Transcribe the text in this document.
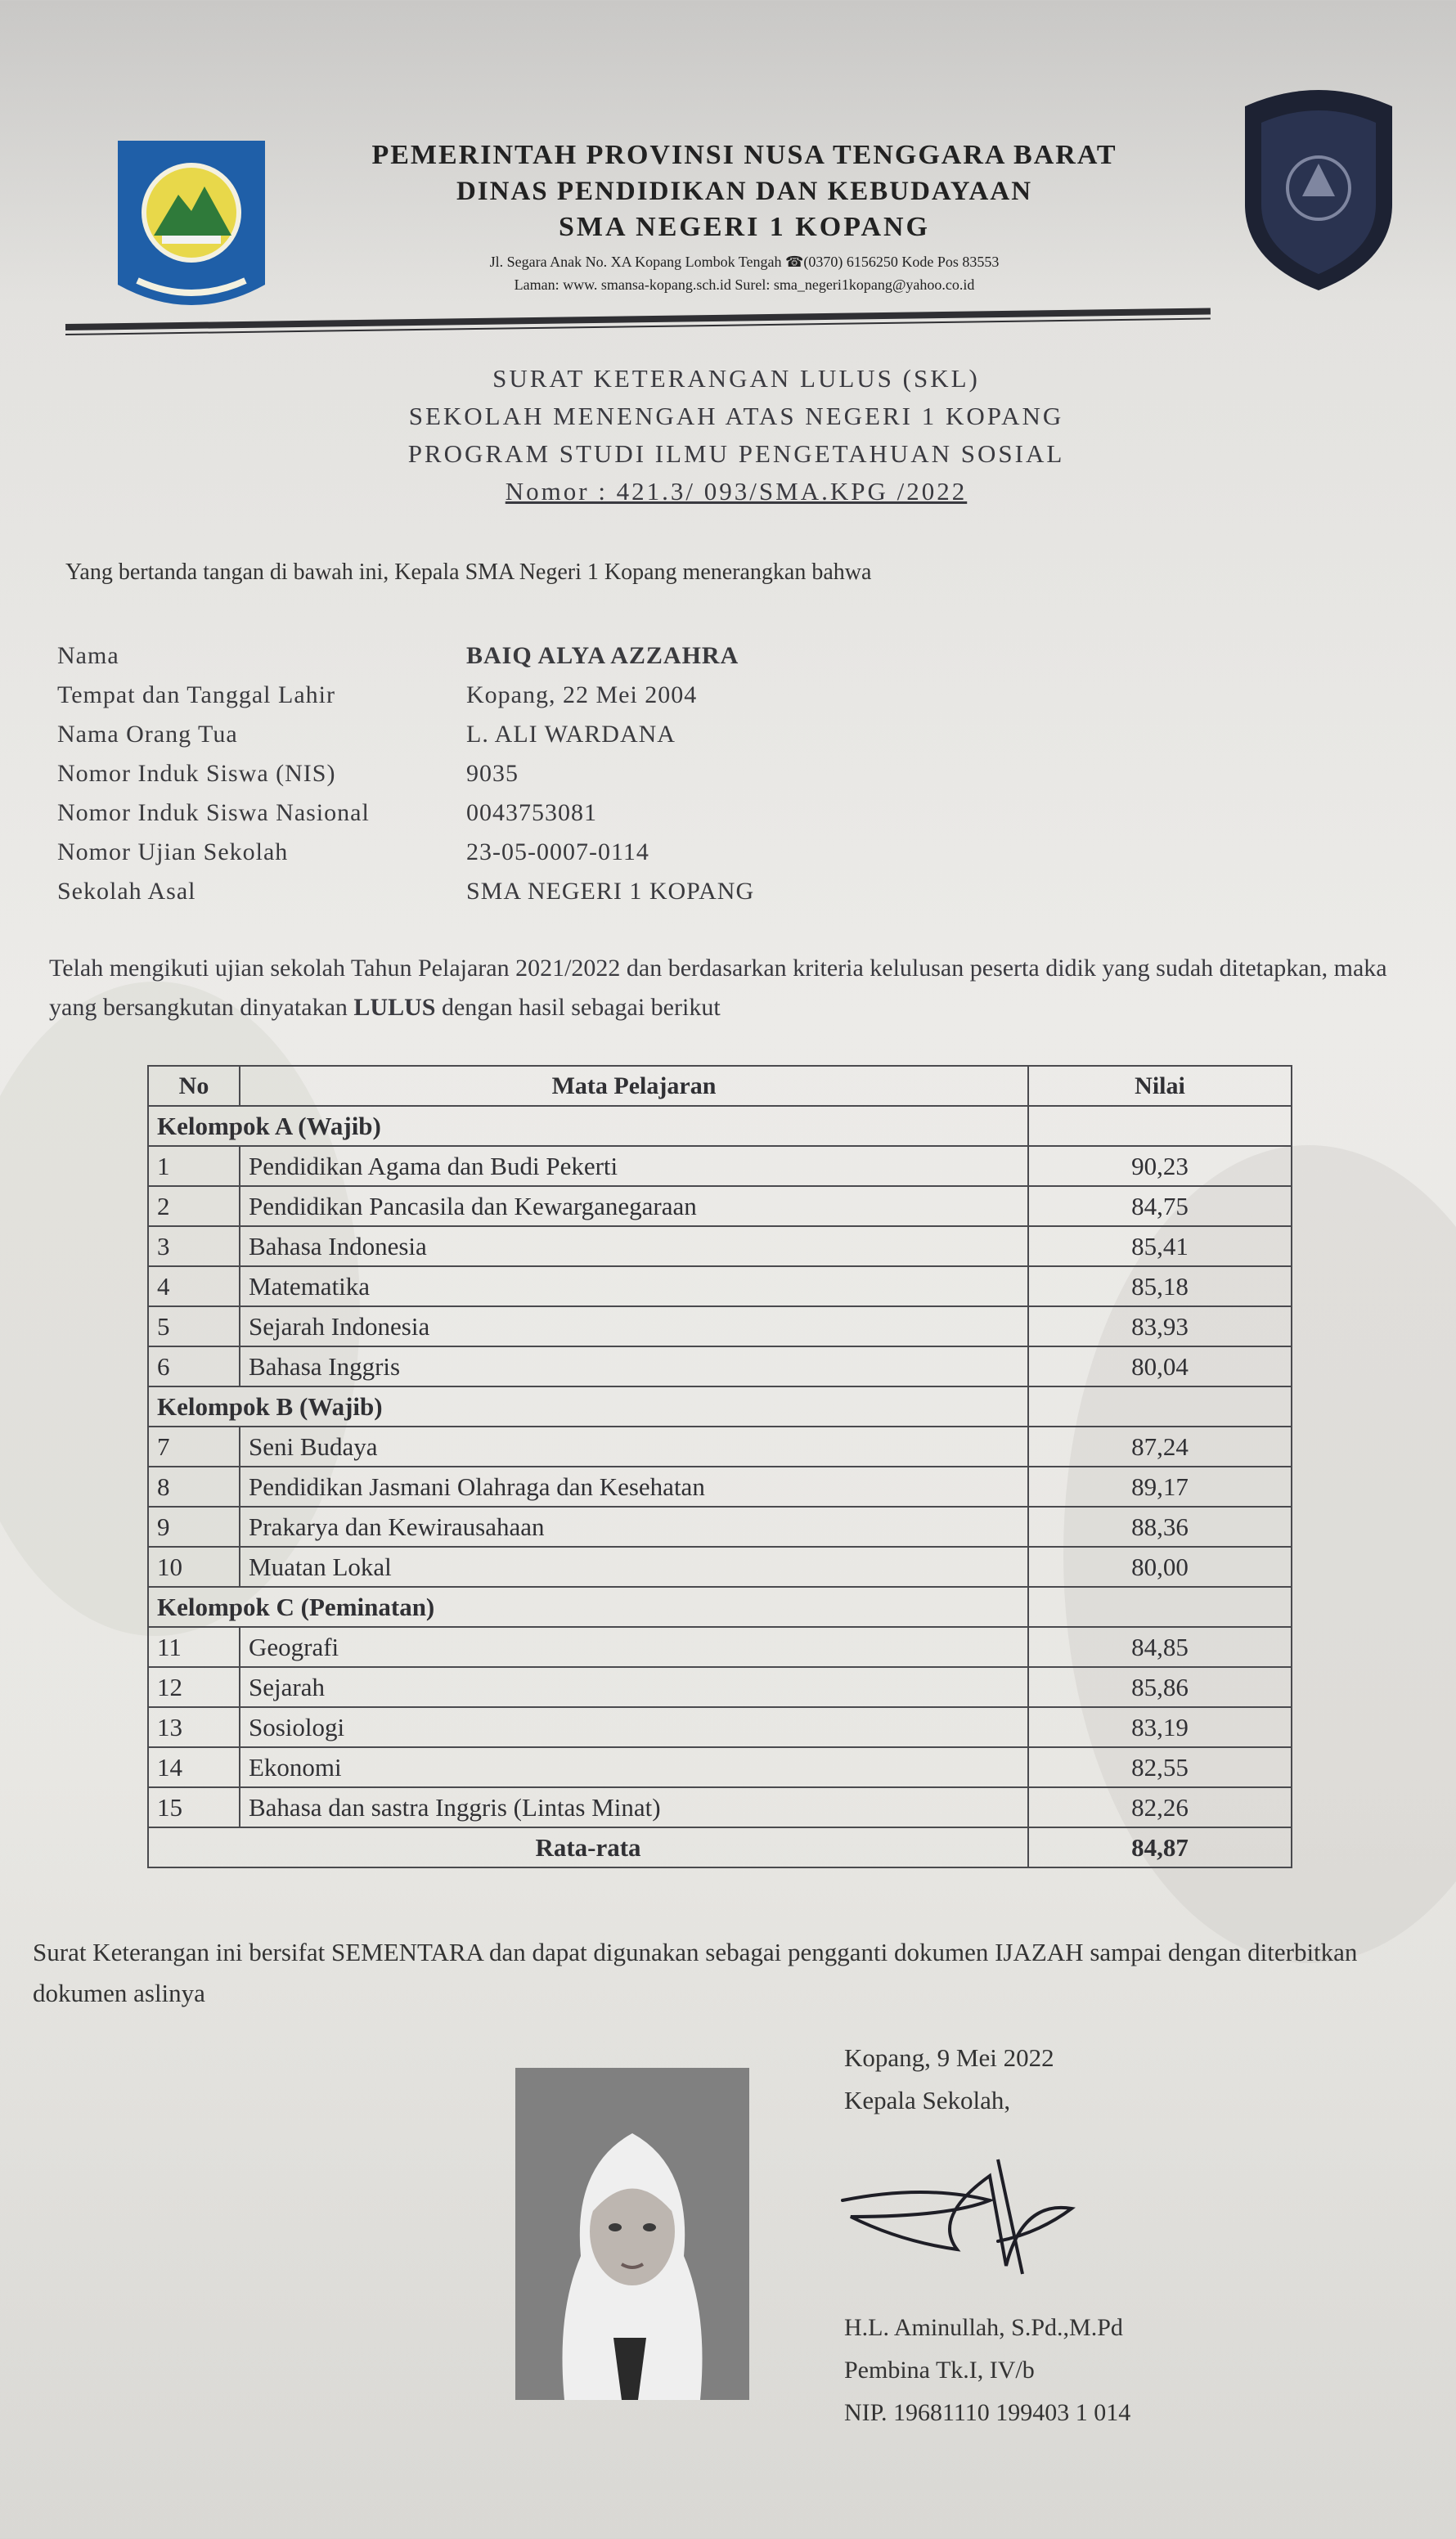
PEMERINTAH PROVINSI NUSA TENGGARA BARAT
DINAS PENDIDIKAN DAN KEBUDAYAAN
SMA NEGERI 1 KOPANG
Jl. Segara Anak No. XA Kopang Lombok Tengah ☎(0370) 6156250 Kode Pos 83553
Laman: www. smansa-kopang.sch.id Surel: sma_negeri1kopang@yahoo.co.id
SURAT KETERANGAN LULUS (SKL)
SEKOLAH MENENGAH ATAS NEGERI 1 KOPANG
PROGRAM STUDI ILMU PENGETAHUAN SOSIAL
Nomor : 421.3/ 093/SMA.KPG /2022
Yang bertanda tangan di bawah ini, Kepala SMA Negeri 1 Kopang menerangkan bahwa
Nama	BAIQ ALYA AZZAHRA
Tempat dan Tanggal Lahir	Kopang, 22 Mei 2004
Nama Orang Tua	L. ALI WARDANA
Nomor Induk Siswa (NIS)	9035
Nomor Induk Siswa Nasional	0043753081
Nomor Ujian Sekolah	23-05-0007-0114
Sekolah Asal	SMA NEGERI 1 KOPANG
Telah mengikuti ujian sekolah Tahun Pelajaran 2021/2022 dan berdasarkan kriteria kelulusan peserta didik yang sudah ditetapkan, maka yang bersangkutan dinyatakan LULUS dengan hasil sebagai berikut
No	Mata Pelajaran	Nilai
Kelompok A (Wajib)		
1	Pendidikan Agama dan Budi Pekerti	90,23
2	Pendidikan Pancasila dan Kewarganegaraan	84,75
3	Bahasa Indonesia	85,41
4	Matematika	85,18
5	Sejarah Indonesia	83,93
6	Bahasa Inggris	80,04
Kelompok B (Wajib)		
7	Seni Budaya	87,24
8	Pendidikan Jasmani Olahraga dan Kesehatan	89,17
9	Prakarya dan Kewirausahaan	88,36
10	Muatan Lokal	80,00
Kelompok C (Peminatan)		
11	Geografi	84,85
12	Sejarah	85,86
13	Sosiologi	83,19
14	Ekonomi	82,55
15	Bahasa dan sastra Inggris (Lintas Minat)	82,26
Rata-rata		84,87
Surat Keterangan ini bersifat SEMENTARA dan dapat digunakan sebagai pengganti dokumen IJAZAH sampai dengan diterbitkan dokumen aslinya
Kopang, 9 Mei 2022
Kepala Sekolah,
H.L. Aminullah, S.Pd.,M.Pd
Pembina Tk.I, IV/b
NIP. 19681110 199403 1 014
